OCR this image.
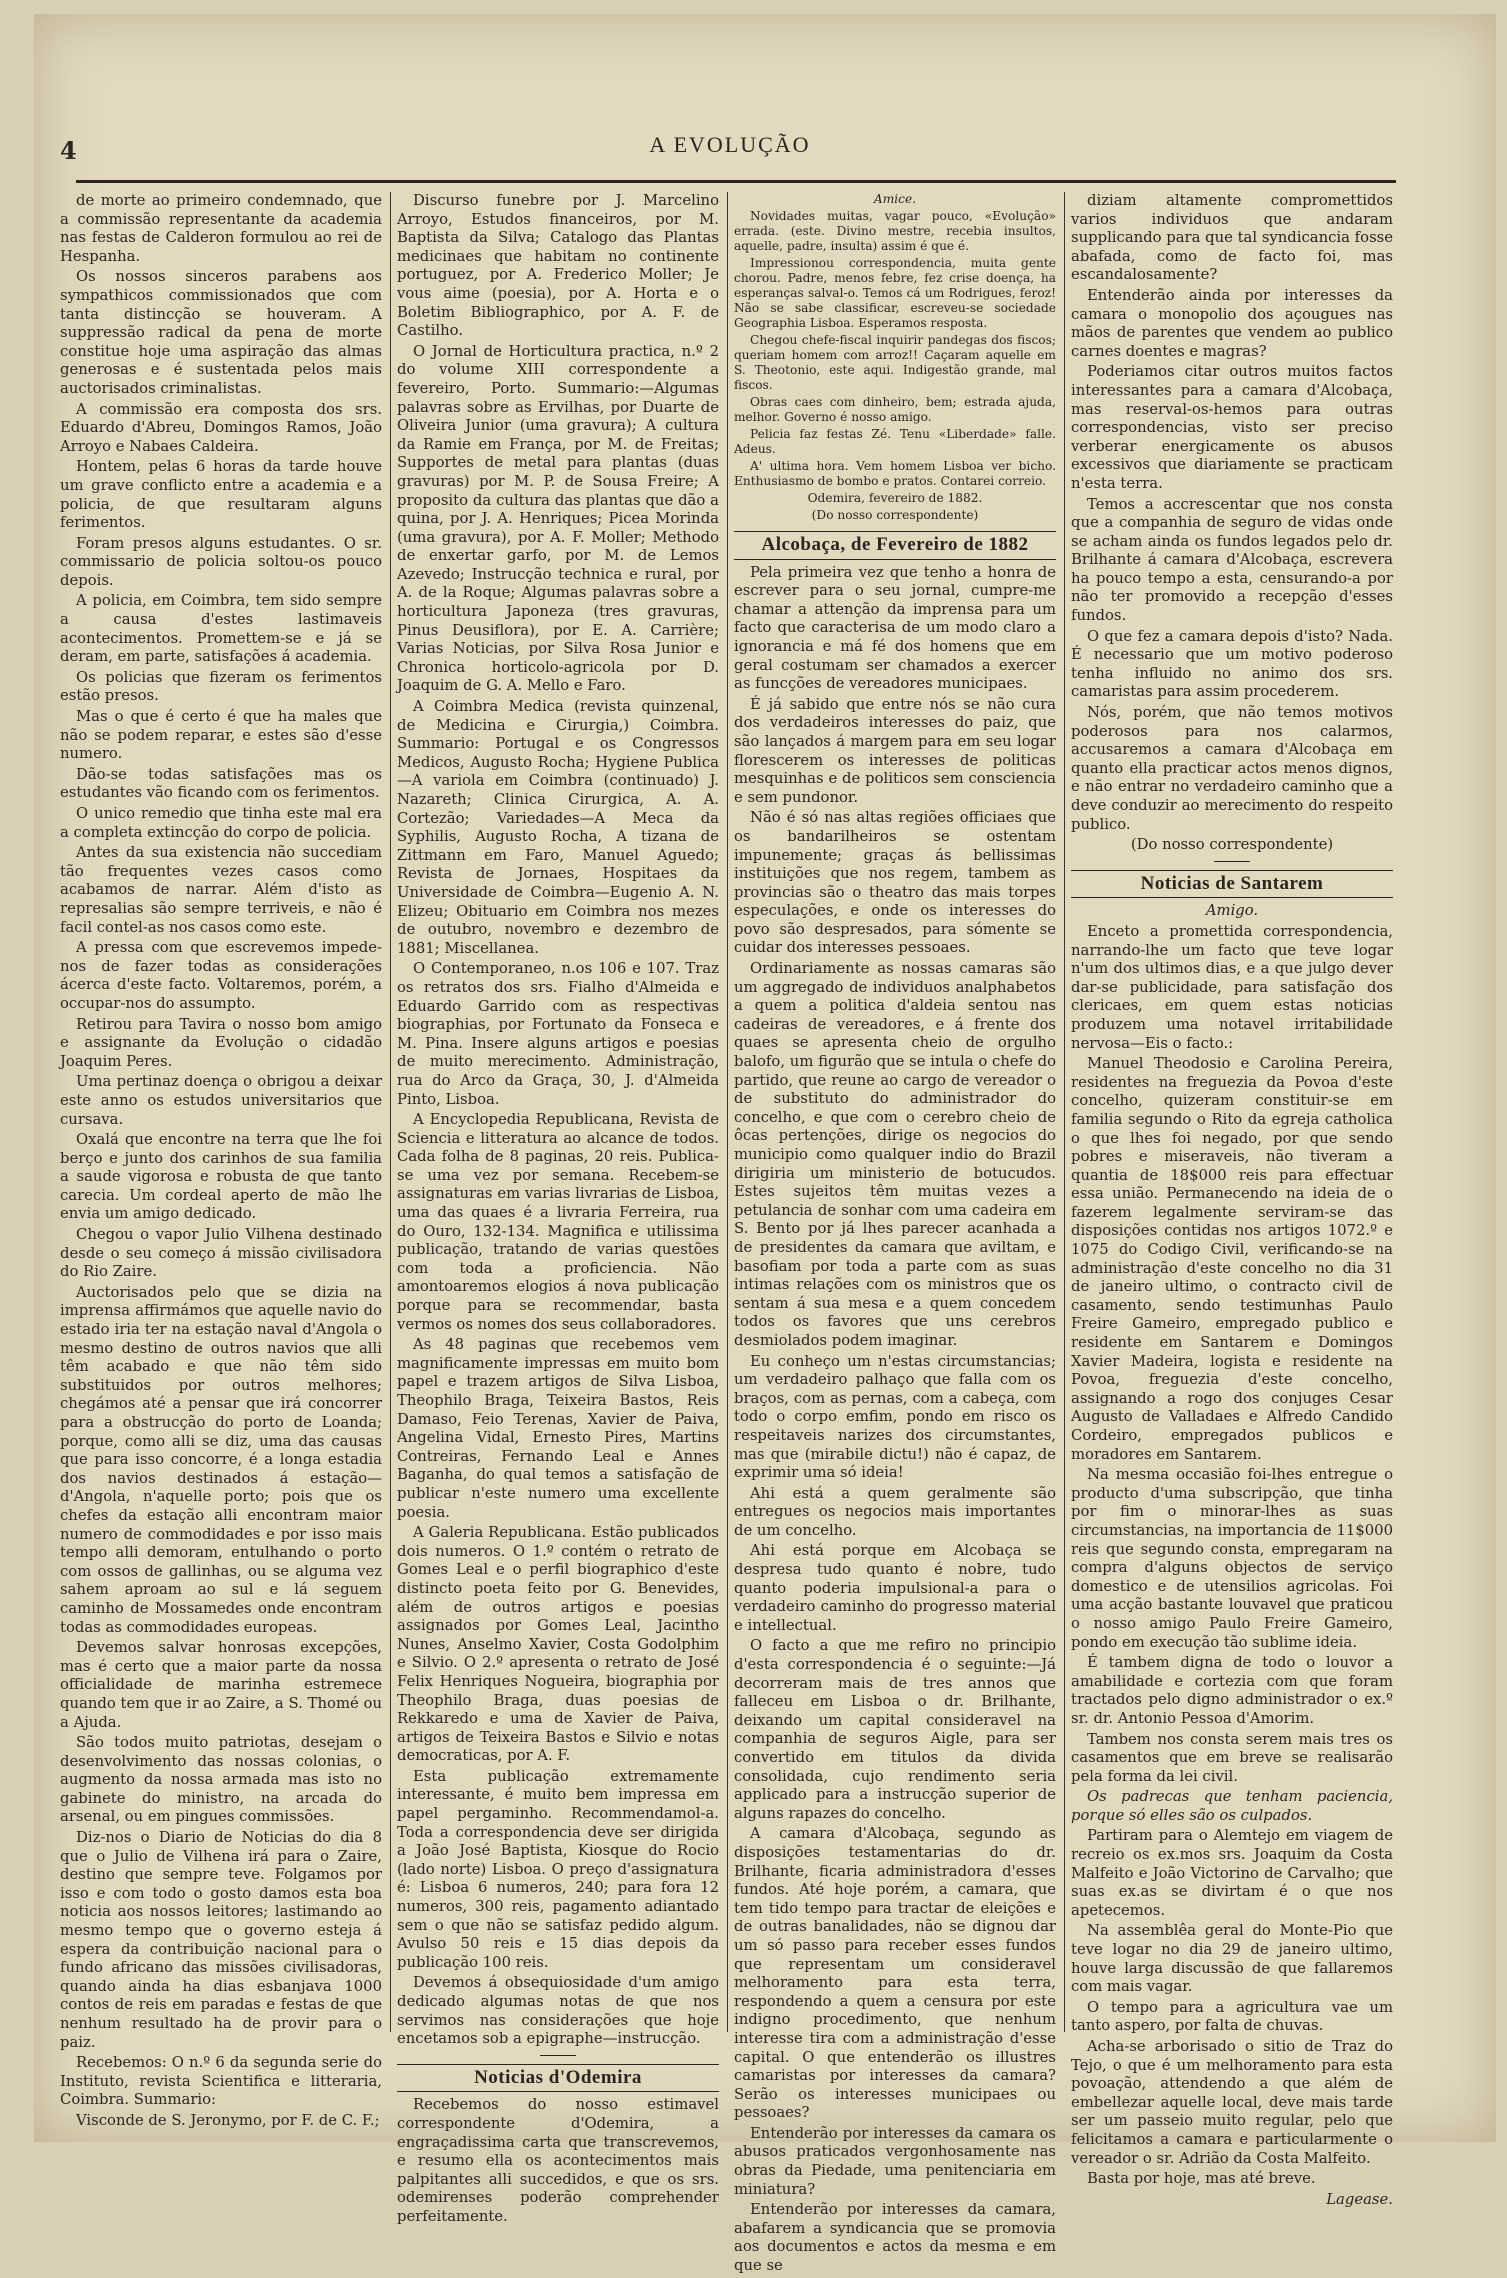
4	A EVOLUÇÃO

de morte ao primeiro condemnado, que a commissão representante da academia nas festas de Calderon formulou ao rei de Hespanha.

Os nossos sinceros parabens aos sympathicos commissionados que com tanta distincção se houveram. A suppressão radical da pena de morte constitue hoje uma aspiração das almas generosas e é sustentada pelos mais auctorisados criminalistas.

A commissão era composta dos srs. Eduardo d'Abreu, Domingos Ramos, João Arroyo e Nabaes Caldeira.

Hontem, pelas 6 horas da tarde houve um grave conflicto entre a academia e a policia, de que resultaram alguns ferimentos.

Foram presos alguns estudantes. O sr. commissario de policia soltou-os pouco depois.

A policia, em Coimbra, tem sido sempre a causa d'estes lastimaveis acontecimentos. Promettem-se e já se deram, em parte, satisfações á academia.

Os policias que fizeram os ferimentos estão presos.

Mas o que é certo é que ha males que não se podem reparar, e estes são d'esse numero.

Dão-se todas satisfações mas os estudantes vão ficando com os ferimentos.

O unico remedio que tinha este mal era a completa extincção do corpo de policia.

Antes da sua existencia não succediam tão frequentes vezes casos como acabamos de narrar. Além d'isto as represalias são sempre terriveis, e não é facil contel-as nos casos como este.

A pressa com que escrevemos impede-nos de fazer todas as considerações ácerca d'este facto. Voltaremos, porém, a occupar-nos do assumpto.

Retirou para Tavira o nosso bom amigo e assignante da Evolução o cidadão Joaquim Peres.

Uma pertinaz doença o obrigou a deixar este anno os estudos universitarios que cursava.

Oxalá que encontre na terra que lhe foi berço e junto dos carinhos de sua familia a saude vigorosa e robusta de que tanto carecia. Um cordeal aperto de mão lhe envia um amigo dedicado.

Chegou o vapor Julio Vilhena destinado desde o seu começo á missão civilisadora do Rio Zaire.

Auctorisados pelo que se dizia na imprensa affirmámos que aquelle navio do estado iria ter na estação naval d'Angola o mesmo destino de outros navios que alli têm acabado e que não têm sido substituidos por outros melhores; chegámos até a pensar que irá concorrer para a obstrucção do porto de Loanda; porque, como alli se diz, uma das causas que para isso concorre, é a longa estadia dos navios destinados á estação—d'Angola, n'aquelle porto; pois que os chefes da estação alli encontram maior numero de commodidades e por isso mais tempo alli demoram, entulhando o porto com ossos de gallinhas, ou se alguma vez sahem aproam ao sul e lá seguem caminho de Mossamedes onde encontram todas as commodidades europeas.

Devemos salvar honrosas excepções, mas é certo que a maior parte da nossa officialidade de marinha estremece quando tem que ir ao Zaire, a S. Thomé ou a Ajuda.

São todos muito patriotas, desejam o desenvolvimento das nossas colonias, o augmento da nossa armada mas isto no gabinete do ministro, na arcada do arsenal, ou em pingues commissões.

Diz-nos o Diario de Noticias do dia 8 que o Julio de Vilhena irá para o Zaire, destino que sempre teve. Folgamos por isso e com todo o gosto damos esta boa noticia aos nossos leitores; lastimando ao mesmo tempo que o governo esteja á espera da contribuição nacional para o fundo africano das missões civilisadoras, quando ainda ha dias esbanjava 1000 contos de reis em paradas e festas de que nenhum resultado ha de provir para o paiz.

Recebemos: O n.º 6 da segunda serie do Instituto, revista Scientifica e litteraria, Coimbra. Summario:

Visconde de S. Jeronymo, por F. de C. F.;

Discurso funebre por J. Marcelino Arroyo, Estudos financeiros, por M. Baptista da Silva; Catalogo das Plantas medicinaes que habitam no continente portuguez, por A. Frederico Moller; Je vous aime (poesia), por A. Horta e o Boletim Bibliographico, por A. F. de Castilho.

O Jornal de Horticultura practica, n.º 2 do volume XIII correspondente a fevereiro, Porto. Summario:—Algumas palavras sobre as Ervilhas, por Duarte de Oliveira Junior (uma gravura); A cultura da Ramie em França, por M. de Freitas; Supportes de metal para plantas (duas gravuras) por M. P. de Sousa Freire; A proposito da cultura das plantas que dão a quina, por J. A. Henriques; Picea Morinda (uma gravura), por A. F. Moller; Methodo de enxertar garfo, por M. de Lemos Azevedo; Instrucção technica e rural, por A. de la Roque; Algumas palavras sobre a horticultura Japoneza (tres gravuras, Pinus Deusiflora), por E. A. Carrière; Varias Noticias, por Silva Rosa Junior e Chronica horticolo-agricola por D. Joaquim de G. A. Mello e Faro.

A Coimbra Medica (revista quinzenal, de Medicina e Cirurgia,) Coimbra. Summario: Portugal e os Congressos Medicos, Augusto Rocha; Hygiene Publica—A variola em Coimbra (continuado) J. Nazareth; Clinica Cirurgica, A. A. Cortezão; Variedades—A Meca da Syphilis, Augusto Rocha, A tizana de Zittmann em Faro, Manuel Aguedo; Revista de Jornaes, Hospitaes da Universidade de Coimbra—Eugenio A. N. Elizeu; Obituario em Coimbra nos mezes de outubro, novembro e dezembro de 1881; Miscellanea.

O Contemporaneo, n.os 106 e 107. Traz os retratos dos srs. Fialho d'Almeida e Eduardo Garrido com as respectivas biographias, por Fortunato da Fonseca e M. Pina. Insere alguns artigos e poesias de muito merecimento. Administração, rua do Arco da Graça, 30, J. d'Almeida Pinto, Lisboa.

A Encyclopedia Republicana, Revista de Sciencia e litteratura ao alcance de todos. Cada folha de 8 paginas, 20 reis. Publica-se uma vez por semana. Recebem-se assignaturas em varias livrarias de Lisboa, uma das quaes é a livraria Ferreira, rua do Ouro, 132-134. Magnifica e utilissima publicação, tratando de varias questões com toda a proficiencia. Não amontoaremos elogios á nova publicação porque para se recommendar, basta vermos os nomes dos seus collaboradores.

As 48 paginas que recebemos vem magnificamente impressas em muito bom papel e trazem artigos de Silva Lisboa, Theophilo Braga, Teixeira Bastos, Reis Damaso, Feio Terenas, Xavier de Paiva, Angelina Vidal, Ernesto Pires, Martins Contreiras, Fernando Leal e Annes Baganha, do qual temos a satisfação de publicar n'este numero uma excellente poesia.

A Galeria Republicana. Estão publicados dois numeros. O 1.º contém o retrato de Gomes Leal e o perfil biographico d'este distincto poeta feito por G. Benevides, além de outros artigos e poesias assignados por Gomes Leal, Jacintho Nunes, Anselmo Xavier, Costa Godolphim e Silvio. O 2.º apresenta o retrato de José Felix Henriques Nogueira, biographia por Theophilo Braga, duas poesias de Rekkaredo e uma de Xavier de Paiva, artigos de Teixeira Bastos e Silvio e notas democraticas, por A. F.

Esta publicação extremamente interessante, é muito bem impressa em papel pergaminho. Recommendamol-a. Toda a correspondencia deve ser dirigida a João José Baptista, Kiosque do Rocio (lado norte) Lisboa. O preço d'assignatura é: Lisboa 6 numeros, 240; para fora 12 numeros, 300 reis, pagamento adiantado sem o que não se satisfaz pedido algum. Avulso 50 reis e 15 dias depois da publicação 100 reis.

Devemos á obsequiosidade d'um amigo dedicado algumas notas de que nos servimos nas considerações que hoje encetamos sob a epigraphe—instrucção.

Noticias d'Odemira

Recebemos do nosso estimavel correspondente d'Odemira, a engraçadissima carta que transcrevemos, e resumo ella os acontecimentos mais palpitantes alli succedidos, e que os srs. odemirenses poderão comprehender perfeitamente.

Amice.

Novidades muitas, vagar pouco, «Evolução» errada. (este. Divino mestre, recebia insultos, aquelle, padre, insulta) assim é que é.

Impressionou correspondencia, muita gente chorou. Padre, menos febre, fez crise doença, ha esperanças salval-o. Temos cá um Rodrigues, feroz! Não se sabe classificar, escreveu-se sociedade Geographia Lisboa. Esperamos resposta.

Chegou chefe-fiscal inquirir pandegas dos fiscos; queriam homem com arroz!! Caçaram aquelle em S. Theotonio, este aqui. Indigestão grande, mal fiscos.

Obras caes com dinheiro, bem; estrada ajuda, melhor. Governo é nosso amigo.

Pelicia faz festas Zé. Tenu «Liberdade» falle. Adeus.

A' ultima hora. Vem homem Lisboa ver bicho. Enthusiasmo de bombo e pratos. Contarei correio.

Odemira, fevereiro de 1882.

(Do nosso correspondente)

Alcobaça, de Fevereiro de 1882

Pela primeira vez que tenho a honra de escrever para o seu jornal, cumpre-me chamar a attenção da imprensa para um facto que caracterisa de um modo claro a ignorancia e má fé dos homens que em geral costumam ser chamados a exercer as funcções de vereadores municipaes.

É já sabido que entre nós se não cura dos verdadeiros interesses do paiz, que são lançados á margem para em seu logar florescerem os interesses de politicas mesquinhas e de politicos sem consciencia e sem pundonor.

Não é só nas altas regiões officiaes que os bandarilheiros se ostentam impunemente; graças ás bellissimas instituições que nos regem, tambem as provincias são o theatro das mais torpes especulações, e onde os interesses do povo são despresados, para sómente se cuidar dos interesses pessoaes.

Ordinariamente as nossas camaras são um aggregado de individuos analphabetos a quem a politica d'aldeia sentou nas cadeiras de vereadores, e á frente dos quaes se apresenta cheio de orgulho balofo, um figurão que se intula o chefe do partido, que reune ao cargo de vereador o de substituto do administrador do concelho, e que com o cerebro cheio de ôcas pertenções, dirige os negocios do municipio como qualquer indio do Brazil dirigiria um ministerio de botucudos. Estes sujeitos têm muitas vezes a petulancia de sonhar com uma cadeira em S. Bento por já lhes parecer acanhada a de presidentes da camara que aviltam, e basofiam por toda a parte com as suas intimas relações com os ministros que os sentam á sua mesa e a quem concedem todos os favores que uns cerebros desmiolados podem imaginar.

Eu conheço um n'estas circumstancias; um verdadeiro palhaço que falla com os braços, com as pernas, com a cabeça, com todo o corpo emfim, pondo em risco os respeitaveis narizes dos circumstantes, mas que (mirabile dictu!) não é capaz, de exprimir uma só ideia!

Ahi está a quem geralmente são entregues os negocios mais importantes de um concelho.

Ahi está porque em Alcobaça se despresa tudo quanto é nobre, tudo quanto poderia impulsional-a para o verdadeiro caminho do progresso material e intellectual.

O facto a que me refiro no principio d'esta correspondencia é o seguinte:—Já decorreram mais de tres annos que falleceu em Lisboa o dr. Brilhante, deixando um capital consideravel na companhia de seguros Aigle, para ser convertido em titulos da divida consolidada, cujo rendimento seria applicado para a instrucção superior de alguns rapazes do concelho.

A camara d'Alcobaça, segundo as disposições testamentarias do dr. Brilhante, ficaria administradora d'esses fundos. Até hoje porém, a camara, que tem tido tempo para tractar de eleições e de outras banalidades, não se dignou dar um só passo para receber esses fundos que representam um consideravel melhoramento para esta terra, respondendo a quem a censura por este indigno procedimento, que nenhum interesse tira com a administração d'esse capital. O que entenderão os illustres camaristas por interesses da camara? Serão os interesses municipaes ou pessoaes?

Entenderão por interesses da camara os abusos praticados vergonhosamente nas obras da Piedade, uma penitenciaria em miniatura?

Entenderão por interesses da camara, abafarem a syndicancia que se promovia aos documentos e actos da mesma e em que se

diziam altamente compromettidos varios individuos que andaram supplicando para que tal syndicancia fosse abafada, como de facto foi, mas escandalosamente?

Entenderão ainda por interesses da camara o monopolio dos açougues nas mãos de parentes que vendem ao publico carnes doentes e magras?

Poderiamos citar outros muitos factos interessantes para a camara d'Alcobaça, mas reserval-os-hemos para outras correspondencias, visto ser preciso verberar energicamente os abusos excessivos que diariamente se practicam n'esta terra.

Temos a accrescentar que nos consta que a companhia de seguro de vidas onde se acham ainda os fundos legados pelo dr. Brilhante á camara d'Alcobaça, escrevera ha pouco tempo a esta, censurando-a por não ter promovido a recepção d'esses fundos.

O que fez a camara depois d'isto? Nada. É necessario que um motivo poderoso tenha influido no animo dos srs. camaristas para assim procederem.

Nós, porém, que não temos motivos poderosos para nos calarmos, accusaremos a camara d'Alcobaça em quanto ella practicar actos menos dignos, e não entrar no verdadeiro caminho que a deve conduzir ao merecimento do respeito publico.

(Do nosso correspondente)

Noticias de Santarem

Amigo.

Enceto a promettida correspondencia, narrando-lhe um facto que teve logar n'um dos ultimos dias, e a que julgo dever dar-se publicidade, para satisfação dos clericaes, em quem estas noticias produzem uma notavel irritabilidade nervosa—Eis o facto.:

Manuel Theodosio e Carolina Pereira, residentes na freguezia da Povoa d'este concelho, quizeram constituir-se em familia segundo o Rito da egreja catholica o que lhes foi negado, por que sendo pobres e miseraveis, não tiveram a quantia de 18$000 reis para effectuar essa união. Permanecendo na ideia de o fazerem legalmente serviram-se das disposições contidas nos artigos 1072.º e 1075 do Codigo Civil, verificando-se na administração d'este concelho no dia 31 de janeiro ultimo, o contracto civil de casamento, sendo testimunhas Paulo Freire Gameiro, empregado publico e residente em Santarem e Domingos Xavier Madeira, logista e residente na Povoa, freguezia d'este concelho, assignando a rogo dos conjuges Cesar Augusto de Valladaes e Alfredo Candido Cordeiro, empregados publicos e moradores em Santarem.

Na mesma occasião foi-lhes entregue o producto d'uma subscripção, que tinha por fim o minorar-lhes as suas circumstancias, na importancia de 11$000 reis que segundo consta, empregaram na compra d'alguns objectos de serviço domestico e de utensilios agricolas. Foi uma acção bastante louvavel que praticou o nosso amigo Paulo Freire Gameiro, pondo em execução tão sublime ideia.

É tambem digna de todo o louvor a amabilidade e cortezia com que foram tractados pelo digno administrador o ex.º sr. dr. Antonio Pessoa d'Amorim.

Tambem nos consta serem mais tres os casamentos que em breve se realisarão pela forma da lei civil.

Os padrecas que tenham paciencia, porque só elles são os culpados.

Partiram para o Alemtejo em viagem de recreio os ex.mos srs. Joaquim da Costa Malfeito e João Victorino de Carvalho; que suas ex.as se divirtam é o que nos apetecemos.

Na assemblêa geral do Monte-Pio que teve logar no dia 29 de janeiro ultimo, houve larga discussão de que fallaremos com mais vagar.

O tempo para a agricultura vae um tanto aspero, por falta de chuvas.

Acha-se arborisado o sitio de Traz do Tejo, o que é um melhoramento para esta povoação, attendendo a que além de embellezar aquelle local, deve mais tarde ser um passeio muito regular, pelo que felicitamos a camara e particularmente o vereador o sr. Adrião da Costa Malfeito.

Basta por hoje, mas até breve.

Lagease.
